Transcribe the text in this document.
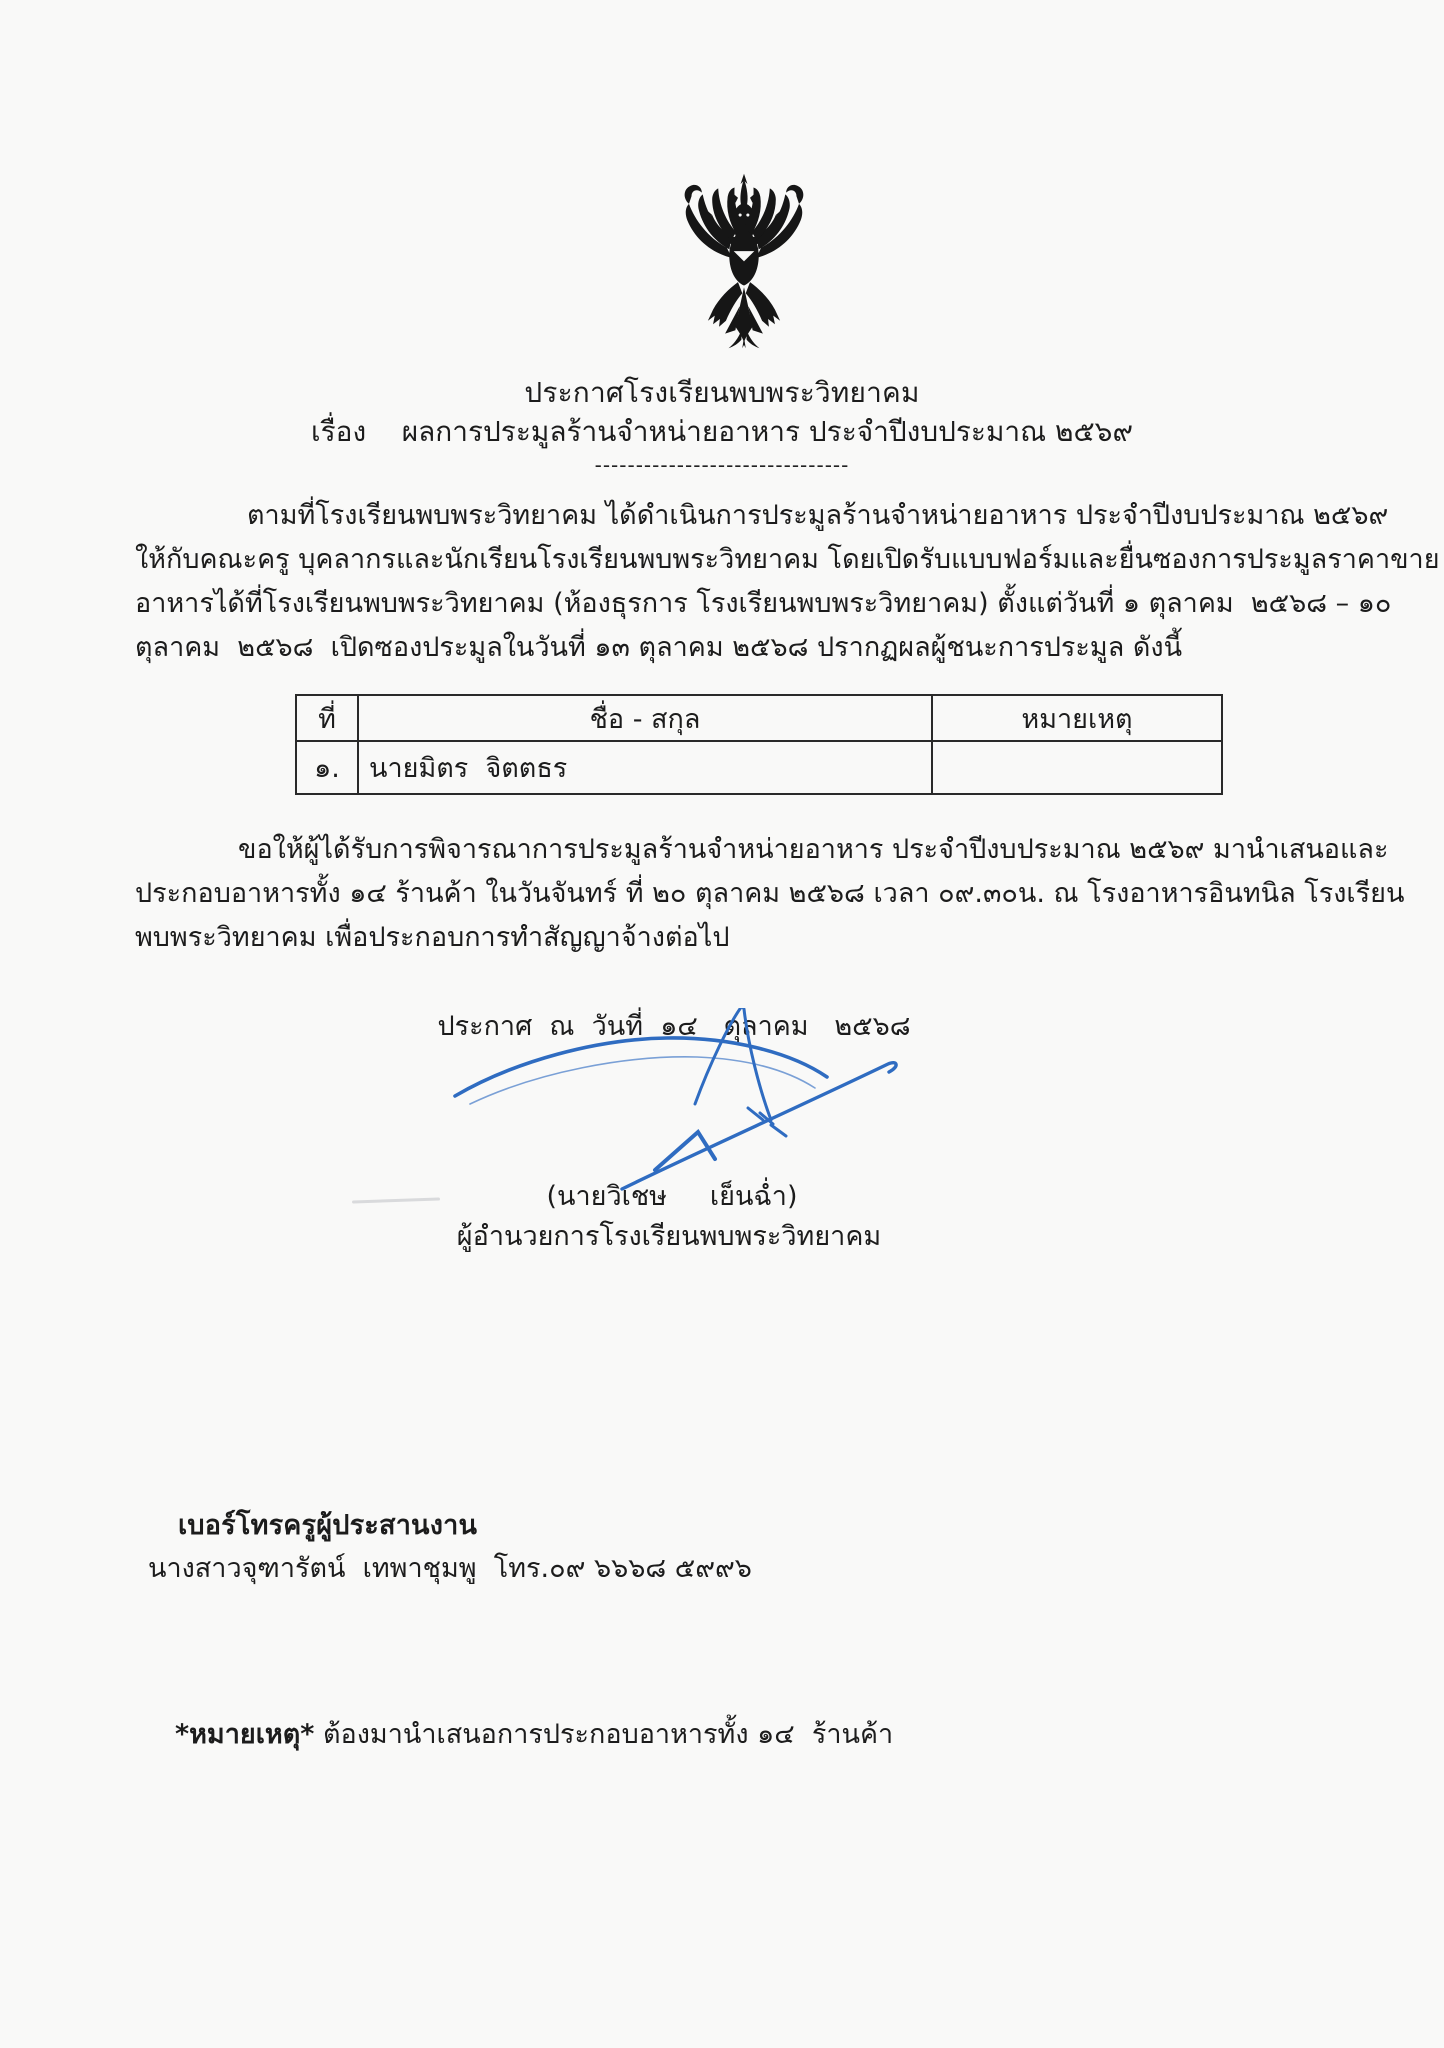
ประกาศโรงเรียนพบพระวิทยาคม
เรื่อง    ผลการประมูลร้านจำหน่ายอาหาร ประจำปีงบประมาณ ๒๕๖๙
-------------------------------
ตามที่โรงเรียนพบพระวิทยาคม ได้ดำเนินการประมูลร้านจำหน่ายอาหาร ประจำปีงบประมาณ ๒๕๖๙
ให้กับคณะครู บุคลากรและนักเรียนโรงเรียนพบพระวิทยาคม โดยเปิดรับแบบฟอร์มและยื่นซองการประมูลราคาขาย
อาหารได้ที่โรงเรียนพบพระวิทยาคม (ห้องธุรการ โรงเรียนพบพระวิทยาคม) ตั้งแต่วันที่ ๑ ตุลาคม  ๒๕๖๘ – ๑๐
ตุลาคม  ๒๕๖๘  เปิดซองประมูลในวันที่ ๑๓ ตุลาคม ๒๕๖๘ ปรากฏผลผู้ชนะการประมูล ดังนี้
ที่	ชื่อ - สกุล	หมายเหตุ
๑.	นายมิตร  จิตตธร	
ขอให้ผู้ได้รับการพิจารณาการประมูลร้านจำหน่ายอาหาร ประจำปีงบประมาณ ๒๕๖๙ มานำเสนอและ
ประกอบอาหารทั้ง ๑๔ ร้านค้า ในวันจันทร์ ที่ ๒๐ ตุลาคม ๒๕๖๘ เวลา ๐๙.๓๐น. ณ โรงอาหารอินทนิล โรงเรียน
พบพระวิทยาคม เพื่อประกอบการทำสัญญาจ้างต่อไป
ประกาศ  ณ  วันที่  ๑๔   ตุลาคม   ๒๕๖๘
(นายวิเชษ     เย็นฉ่ำ)
ผู้อำนวยการโรงเรียนพบพระวิทยาคม
เบอร์โทรครูผู้ประสานงาน
นางสาวจุฑารัตน์  เทพาชุมพู  โทร.๐๙ ๖๖๖๘ ๕๙๙๖
*หมายเหตุ* ต้องมานำเสนอการประกอบอาหารทั้ง ๑๔  ร้านค้า
